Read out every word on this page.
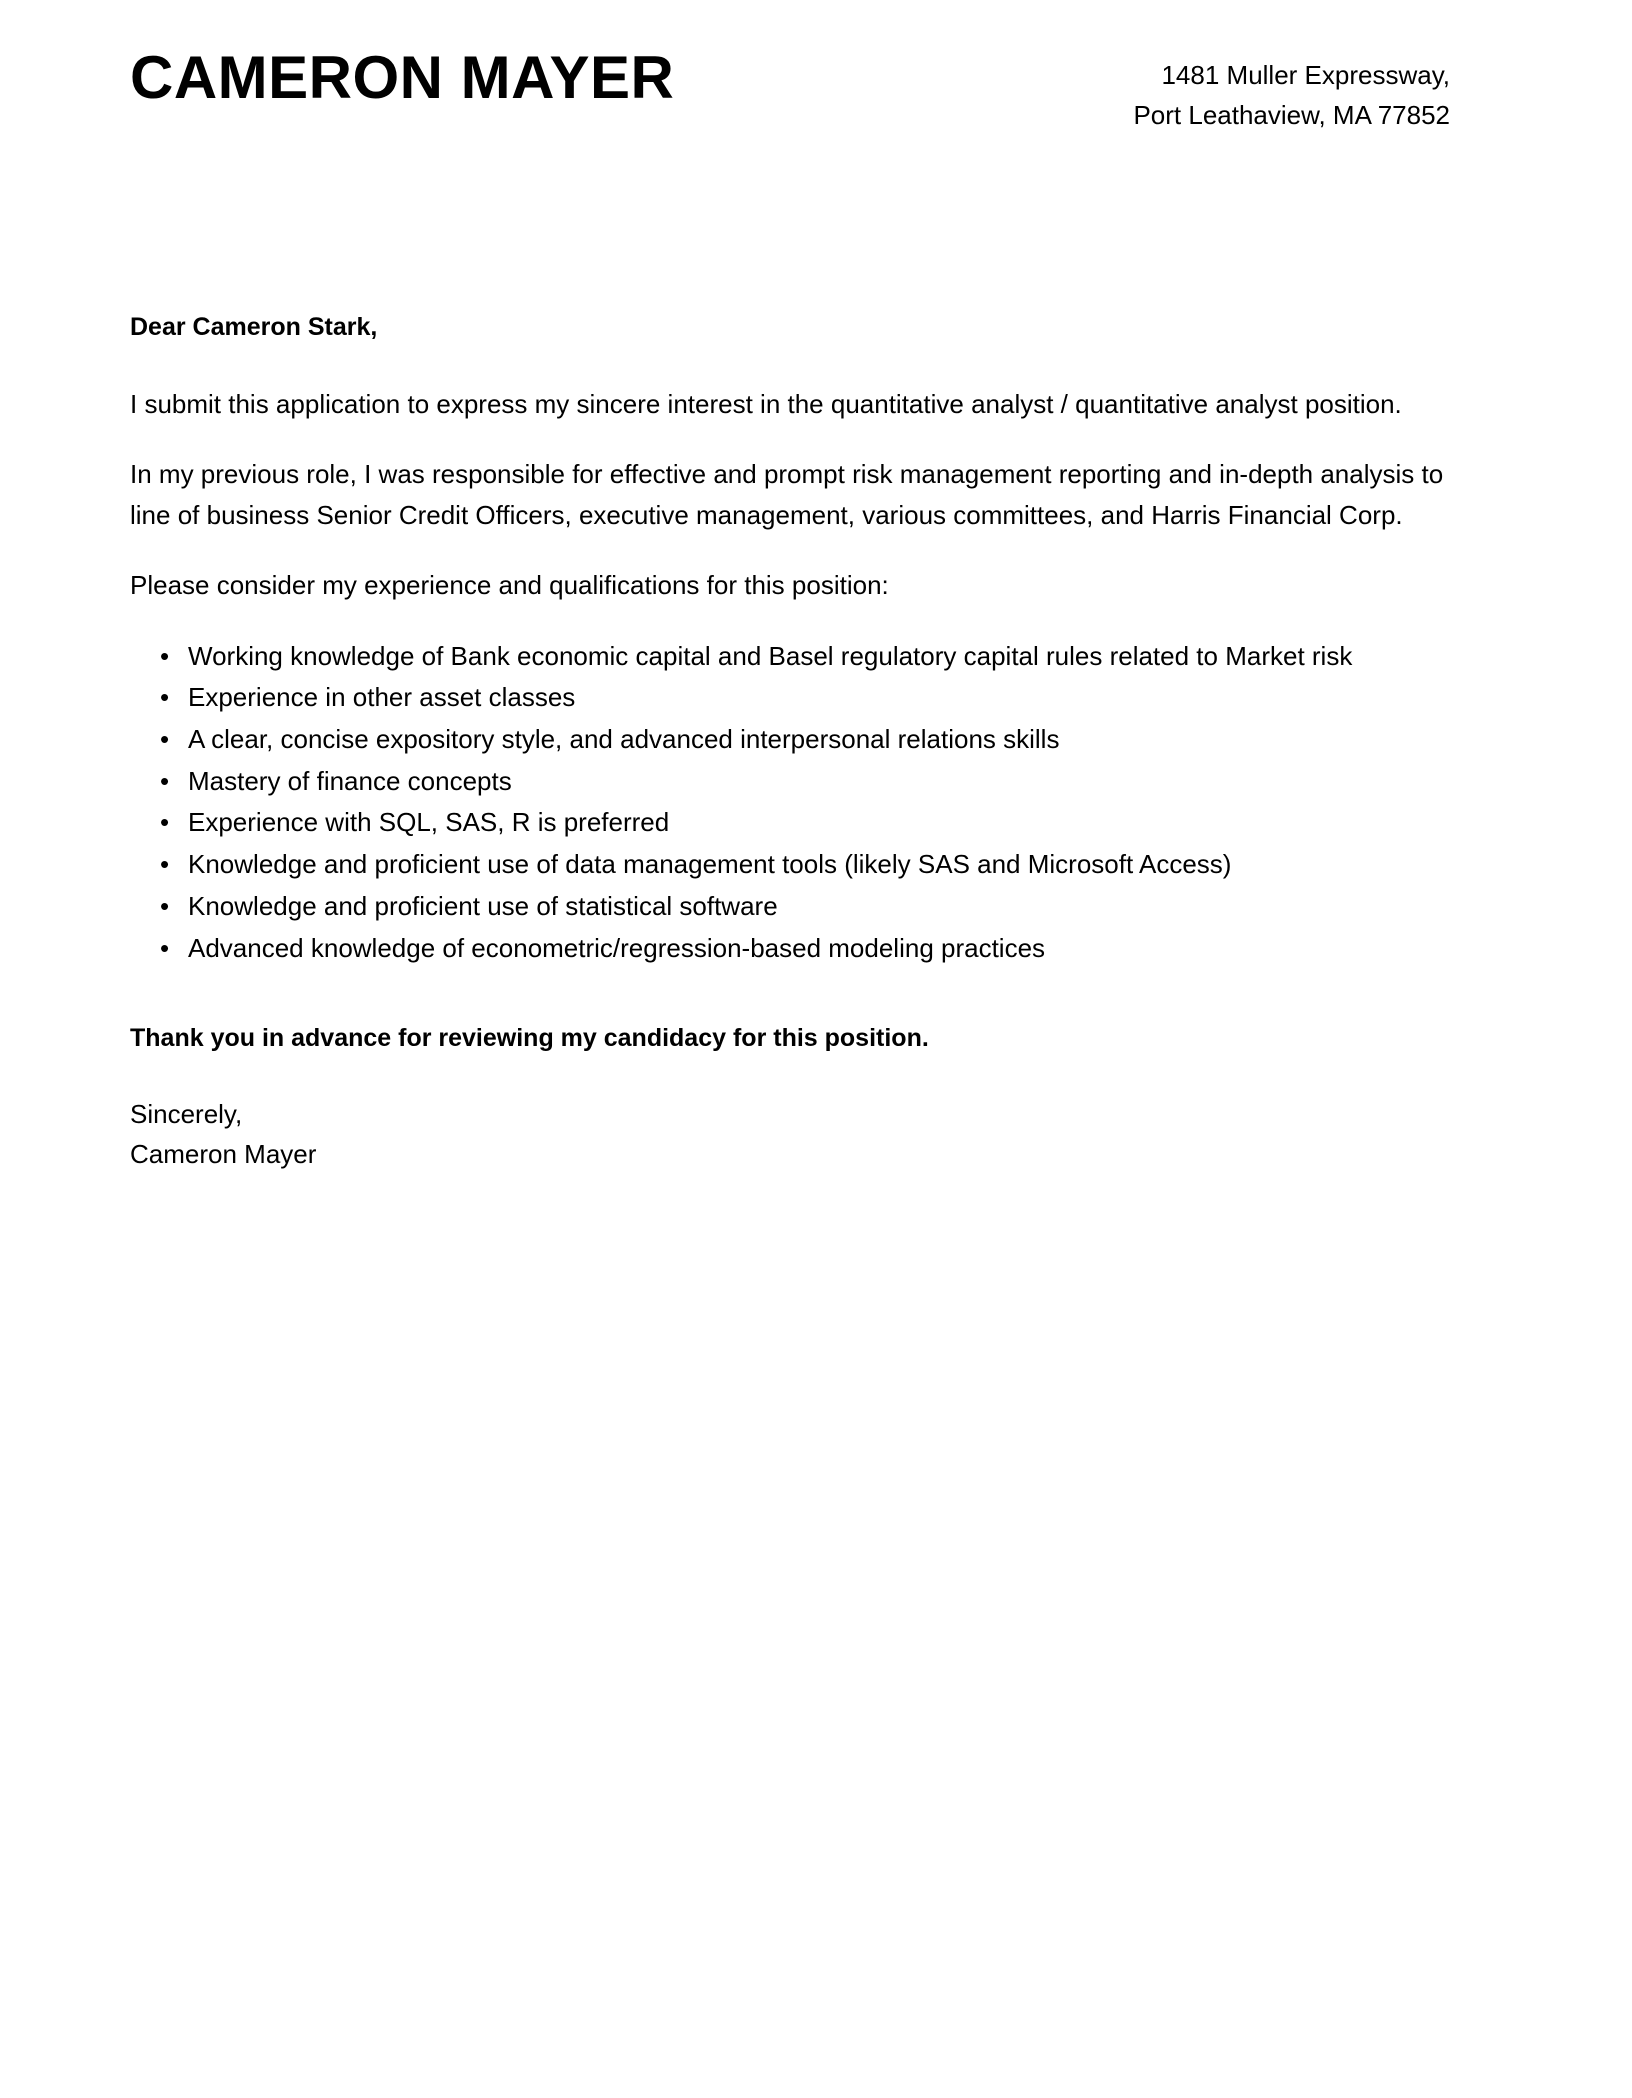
CAMERON MAYER	1481 Muller Expressway,
Port Leathaview, MA 77852

Dear Cameron Stark,

I submit this application to express my sincere interest in the quantitative analyst / quantitative analyst position.

In my previous role, I was responsible for effective and prompt risk management reporting and in-depth analysis to line of business Senior Credit Officers, executive management, various committees, and Harris Financial Corp.

Please consider my experience and qualifications for this position:

• Working knowledge of Bank economic capital and Basel regulatory capital rules related to Market risk
• Experience in other asset classes
• A clear, concise expository style, and advanced interpersonal relations skills
• Mastery of finance concepts
• Experience with SQL, SAS, R is preferred
• Knowledge and proficient use of data management tools (likely SAS and Microsoft Access)
• Knowledge and proficient use of statistical software
• Advanced knowledge of econometric/regression-based modeling practices

Thank you in advance for reviewing my candidacy for this position.

Sincerely,
Cameron Mayer
